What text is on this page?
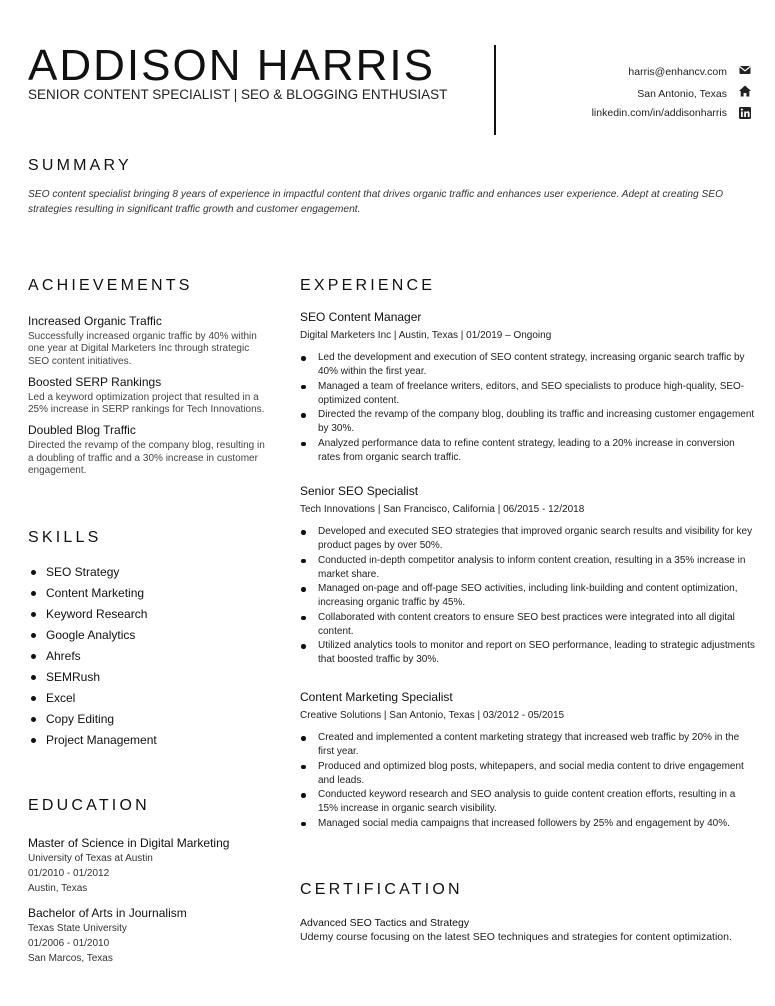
ADDISON HARRIS
SENIOR CONTENT SPECIALIST | SEO & BLOGGING ENTHUSIAST
harris@enhancv.com
San Antonio, Texas
linkedin.com/in/addisonharris
SUMMARY
SEO content specialist bringing 8 years of experience in impactful content that drives organic traffic and enhances user experience. Adept at creating SEO strategies resulting in significant traffic growth and customer engagement.
ACHIEVEMENTS
Increased Organic Traffic
Successfully increased organic traffic by 40% within one year at Digital Marketers Inc through strategic SEO content initiatives.
Boosted SERP Rankings
Led a keyword optimization project that resulted in a 25% increase in SERP rankings for Tech Innovations.
Doubled Blog Traffic
Directed the revamp of the company blog, resulting in a doubling of traffic and a 30% increase in customer engagement.
SKILLS
SEO Strategy
Content Marketing
Keyword Research
Google Analytics
Ahrefs
SEMRush
Excel
Copy Editing
Project Management
EDUCATION
Master of Science in Digital Marketing
University of Texas at Austin
01/2010 - 01/2012
Austin, Texas
Bachelor of Arts in Journalism
Texas State University
01/2006 - 01/2010
San Marcos, Texas
EXPERIENCE
SEO Content Manager
Digital Marketers Inc | Austin, Texas | 01/2019 – Ongoing
Led the development and execution of SEO content strategy, increasing organic search traffic by 40% within the first year.
Managed a team of freelance writers, editors, and SEO specialists to produce high-quality, SEO-optimized content.
Directed the revamp of the company blog, doubling its traffic and increasing customer engagement by 30%.
Analyzed performance data to refine content strategy, leading to a 20% increase in conversion rates from organic search traffic.
Senior SEO Specialist
Tech Innovations | San Francisco, California | 06/2015 - 12/2018
Developed and executed SEO strategies that improved organic search results and visibility for key product pages by over 50%.
Conducted in-depth competitor analysis to inform content creation, resulting in a 35% increase in market share.
Managed on-page and off-page SEO activities, including link-building and content optimization, increasing organic traffic by 45%.
Collaborated with content creators to ensure SEO best practices were integrated into all digital content.
Utilized analytics tools to monitor and report on SEO performance, leading to strategic adjustments that boosted traffic by 30%.
Content Marketing Specialist
Creative Solutions | San Antonio, Texas | 03/2012 - 05/2015
Created and implemented a content marketing strategy that increased web traffic by 20% in the first year.
Produced and optimized blog posts, whitepapers, and social media content to drive engagement and leads.
Conducted keyword research and SEO analysis to guide content creation efforts, resulting in a 15% increase in organic search visibility.
Managed social media campaigns that increased followers by 25% and engagement by 40%.
CERTIFICATION
Advanced SEO Tactics and Strategy
Udemy course focusing on the latest SEO techniques and strategies for content optimization.
